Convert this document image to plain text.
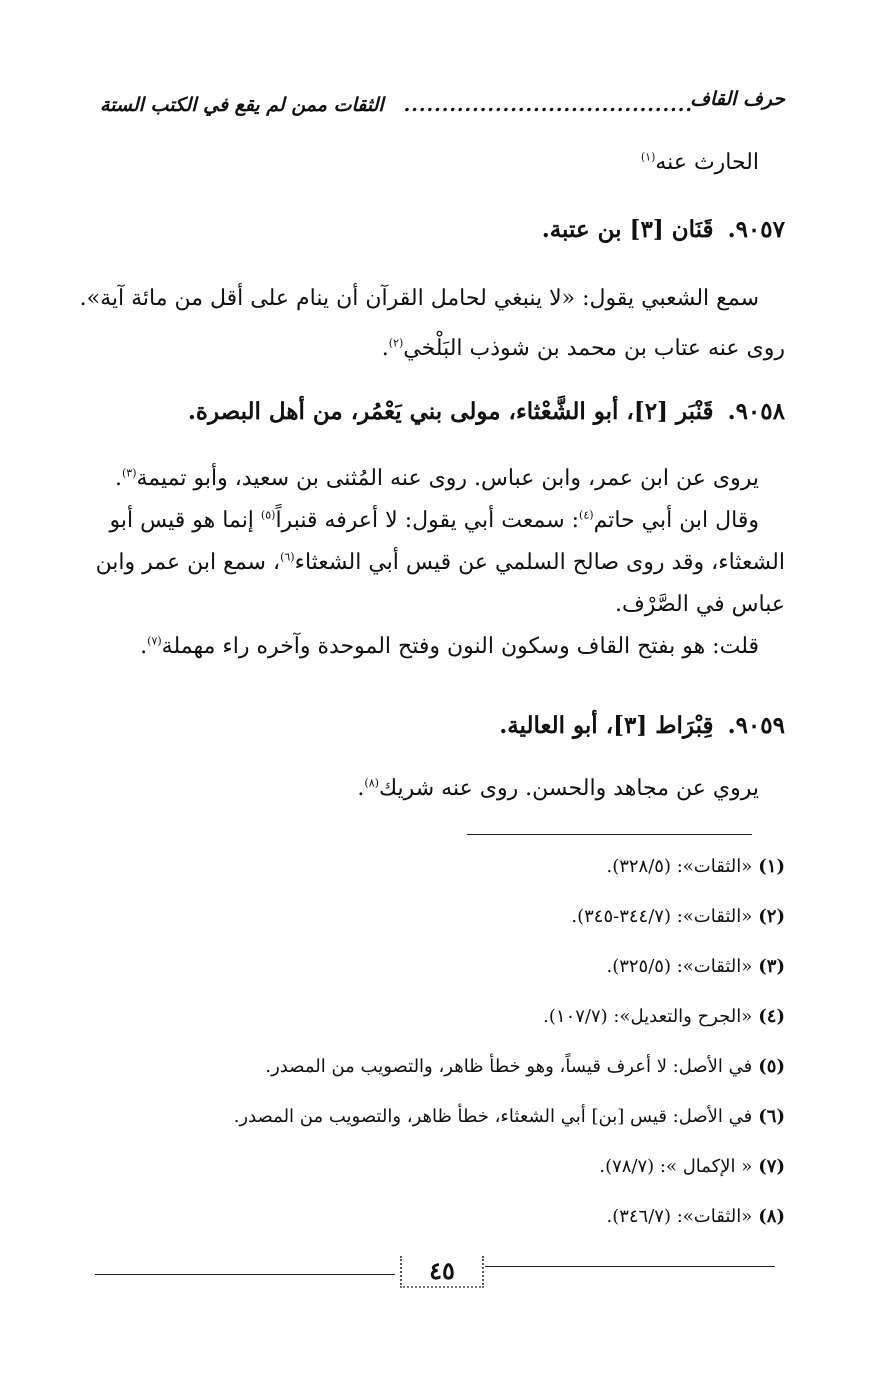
حرف القاف
......................................
الثقات ممن لم يقع في الكتب الستة
الحارث عنه$^{(١)}$
٩٠٥٧.قَنَان [٣] بن عتبة.
سمع الشعبي يقول: «لا ينبغي لحامل القرآن أن ينام على أقل من مائة آية».
روى عنه عتاب بن محمد بن شوذب البَلْخي$^{(٢)}$.
٩٠٥٨.قَنْبَر [٢]، أبو الشَّعْثاء، مولى بني يَعْمُر، من أهل البصرة.
يروى عن ابن عمر، وابن عباس. روى عنه المُثنى بن سعيد، وأبو تميمة$^{(٣)}$.
وقال ابن أبي حاتم$^{(٤)}$: سمعت أبي يقول: لا أعرفه قنبراً$^{(٥)}$ إنما هو قيس أبو
الشعثاء، وقد روى صالح السلمي عن قيس أبي الشعثاء$^{(٦)}$، سمع ابن عمر وابن
عباس في الصَّرْف.
قلت: هو بفتح القاف وسكون النون وفتح الموحدة وآخره راء مهملة$^{(٧)}$.
٩٠٥٩.قِبْرَاط [٣]، أبو العالية.
يروي عن مجاهد والحسن. روى عنه شريك$^{(٨)}$.
(١)«الثقات»: (٣٢٨/٥).
(٢)«الثقات»: (٣٤٤/٧-٣٤٥).
(٣)«الثقات»: (٣٢٥/٥).
(٤)«الجرح والتعديل»: (١٠٧/٧).
(٥)في الأصل: لا أعرف قيساً، وهو خطأ ظاهر، والتصويب من المصدر.
(٦)في الأصل: قيس [بن] أبي الشعثاء، خطأ ظاهر، والتصويب من المصدر.
(٧)« الإكمال »: (٧٨/٧).
(٨)«الثقات»: (٣٤٦/٧).
٤٥
